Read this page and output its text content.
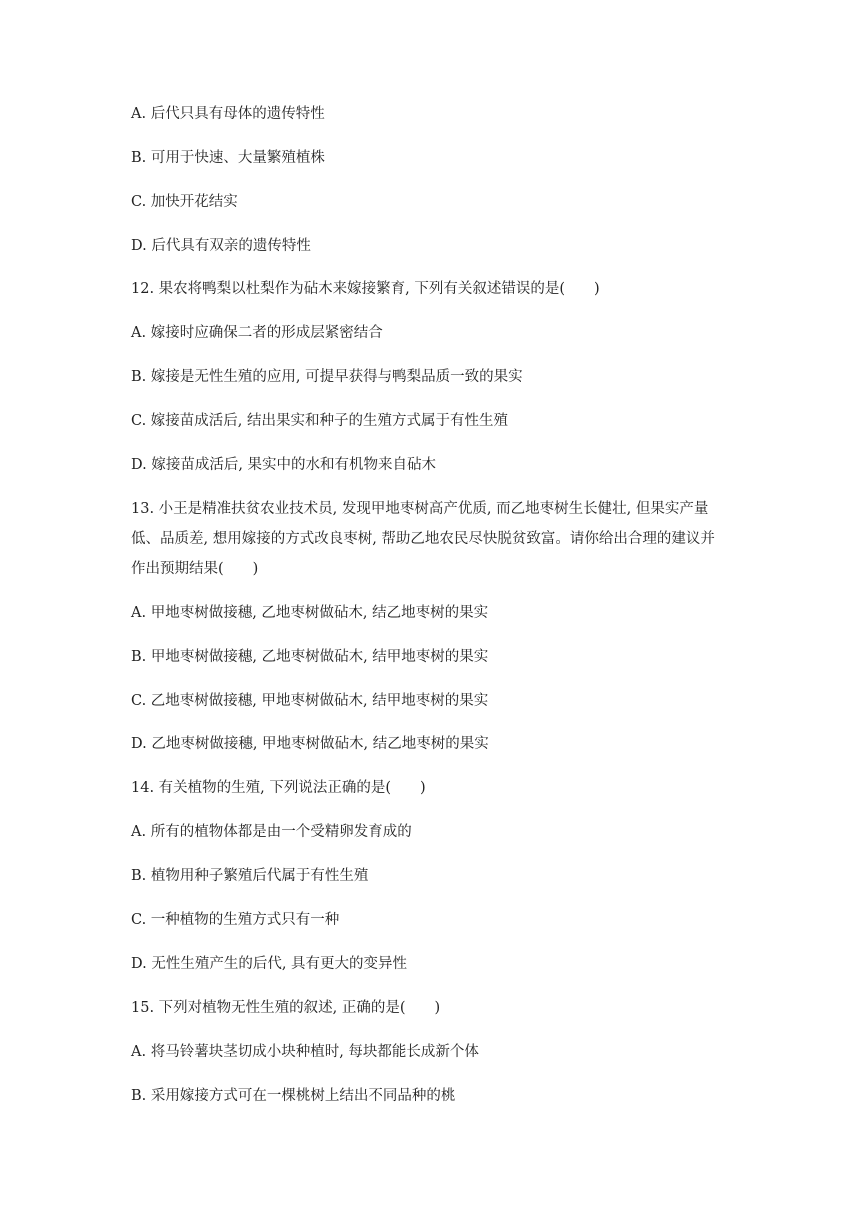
A. 后代只具有母体的遗传特性
B. 可用于快速、大量繁殖植株
C. 加快开花结实
D. 后代具有双亲的遗传特性
12. 果农将鸭梨以杜梨作为砧木来嫁接繁育, 下列有关叙述错误的是(　　)
A. 嫁接时应确保二者的形成层紧密结合
B. 嫁接是无性生殖的应用, 可提早获得与鸭梨品质一致的果实
C. 嫁接苗成活后, 结出果实和种子的生殖方式属于有性生殖
D. 嫁接苗成活后, 果实中的水和有机物来自砧木
13. 小王是精准扶贫农业技术员, 发现甲地枣树高产优质, 而乙地枣树生长健壮, 但果实产量
低、品质差, 想用嫁接的方式改良枣树, 帮助乙地农民尽快脱贫致富。请你给出合理的建议并
作出预期结果(　　)
A. 甲地枣树做接穗, 乙地枣树做砧木, 结乙地枣树的果实
B. 甲地枣树做接穗, 乙地枣树做砧木, 结甲地枣树的果实
C. 乙地枣树做接穗, 甲地枣树做砧木, 结甲地枣树的果实
D. 乙地枣树做接穗, 甲地枣树做砧木, 结乙地枣树的果实
14. 有关植物的生殖, 下列说法正确的是(　　)
A. 所有的植物体都是由一个受精卵发育成的
B. 植物用种子繁殖后代属于有性生殖
C. 一种植物的生殖方式只有一种
D. 无性生殖产生的后代, 具有更大的变异性
15. 下列对植物无性生殖的叙述, 正确的是(　　)
A. 将马铃薯块茎切成小块种植时, 每块都能长成新个体
B. 采用嫁接方式可在一棵桃树上结出不同品种的桃
